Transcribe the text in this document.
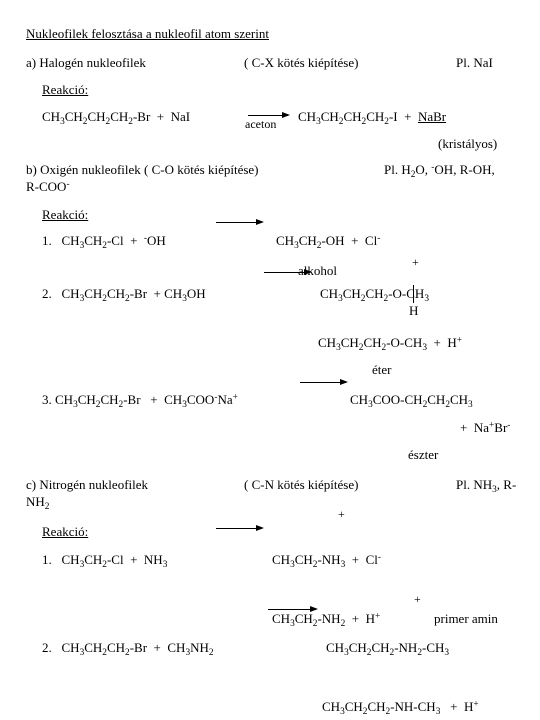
Nukleofilek felosztása a nukleofil atom szerint
a) Halogén nukleofilek	( C-X kötés kiépítése)	Pl. NaI
Reakció:
$CH_3CH_2CH_2CH_2-Br$  +  NaI	aceton $CH_3CH_2CH_2CH_2-I$  +  NaBr
(kristályos)
b) Oxigén nukleofilek ( C-O kötés kiépítése)	Pl. $H_2O$, -OH, R-OH,
R-COO-
Reakció:
1.   $CH_3CH_2-Cl + ^-OH$	$CH_3CH_2-OH + Cl^-$
+
alkohol
2.   $CH_3CH_2CH_2-Br + CH_3OH$	$CH_3CH_2CH_2-O-CH_3$
H
$CH_3CH_2CH_2-O-CH_3 + H^+$
éter
3. $CH_3CH_2CH_2-Br + CH_3COO^-Na^+$	$CH_3COO-CH_2CH_2CH_3$
+  Na+Br-
észter
c) Nitrogén nukleofilek	( C-N kötés kiépítése)	Pl. $NH_3$, R-
$NH_2$
+
Reakció:
1.   $CH_3CH_2-Cl + NH_3$	$CH_3CH_2-NH_3 + Cl^-$
+
$CH_3CH_2-NH_2 + H^+$	primer amin
2.   $CH_3CH_2CH_2-Br + CH_3NH_2$	$CH_3CH_2CH_2-NH_2-CH_3$
$CH_3CH_2CH_2-NH-CH_3 + H^+$
